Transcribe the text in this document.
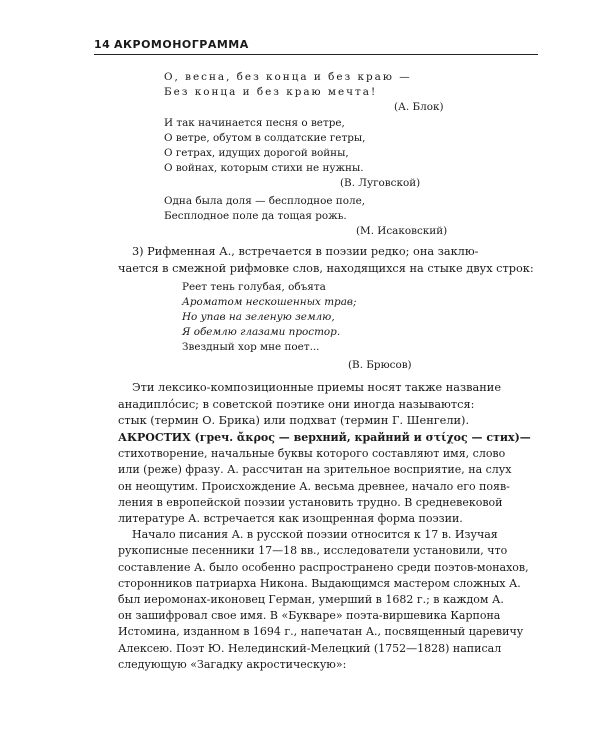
14 АКРОМОНОГРАММА

О, весна, без конца и без краю —

Без конца и без краю мечта!

(А. Блок)

И так начинается песня о ветре,

О ветре, обутом в солдатские гетры,

О гетрах, идущих дорогой войны,

О войнах, которым стихи не нужны.

(В. Луговской)

Одна была доля — бесплодное поле,

Бесплодное поле да тощая рожь.

(М. Исаковский)
3) Рифменная А., встречается в поэзии редко; она заклю-
чается в смежной рифмовке слов, находящихся на стыке двух строк:

Реет тень голубая, объята

Ароматом нескошенных трав;

Но упав на зеленую землю,

Я обемлю глазами простор.

Звездный хор мне поет...

(В. Брюсов)
Эти лексико-композиционные приемы носят также название
анадиплóсис; в советской поэтике они иногда называются:
стык (термин О. Брика) или подхват (термин Г. Шенгели).
АКРОСТИХ (греч. ἄκρος — верхний, крайний и στίχος — стих)—
стихотворение, начальные буквы которого составляют имя, слово
или (реже) фразу. А. рассчитан на зрительное восприятие, на слух
он неощутим. Происхождение А. весьма древнее, начало его появ-
ления в европейской поэзии установить трудно. В средневековой
литературе А. встречается как изощренная форма поэзии.
Начало писания А. в русской поэзии относится к 17 в. Изучая
рукописные песенники 17—18 вв., исследователи установили, что
составление А. было особенно распространено среди поэтов-монахов,
сторонников патриарха Никона. Выдающимся мастером сложных А.
был иеромонах-иконовец Герман, умерший в 1682 г.; в каждом А.
он зашифровал свое имя. В «Букваре» поэта-виршевика Карпона
Истомина, изданном в 1694 г., напечатан А., посвященный царевичу
Алексею. Поэт Ю. Нелединский-Мелецкий (1752—1828) написал
следующую «Загадку акростическую»:
